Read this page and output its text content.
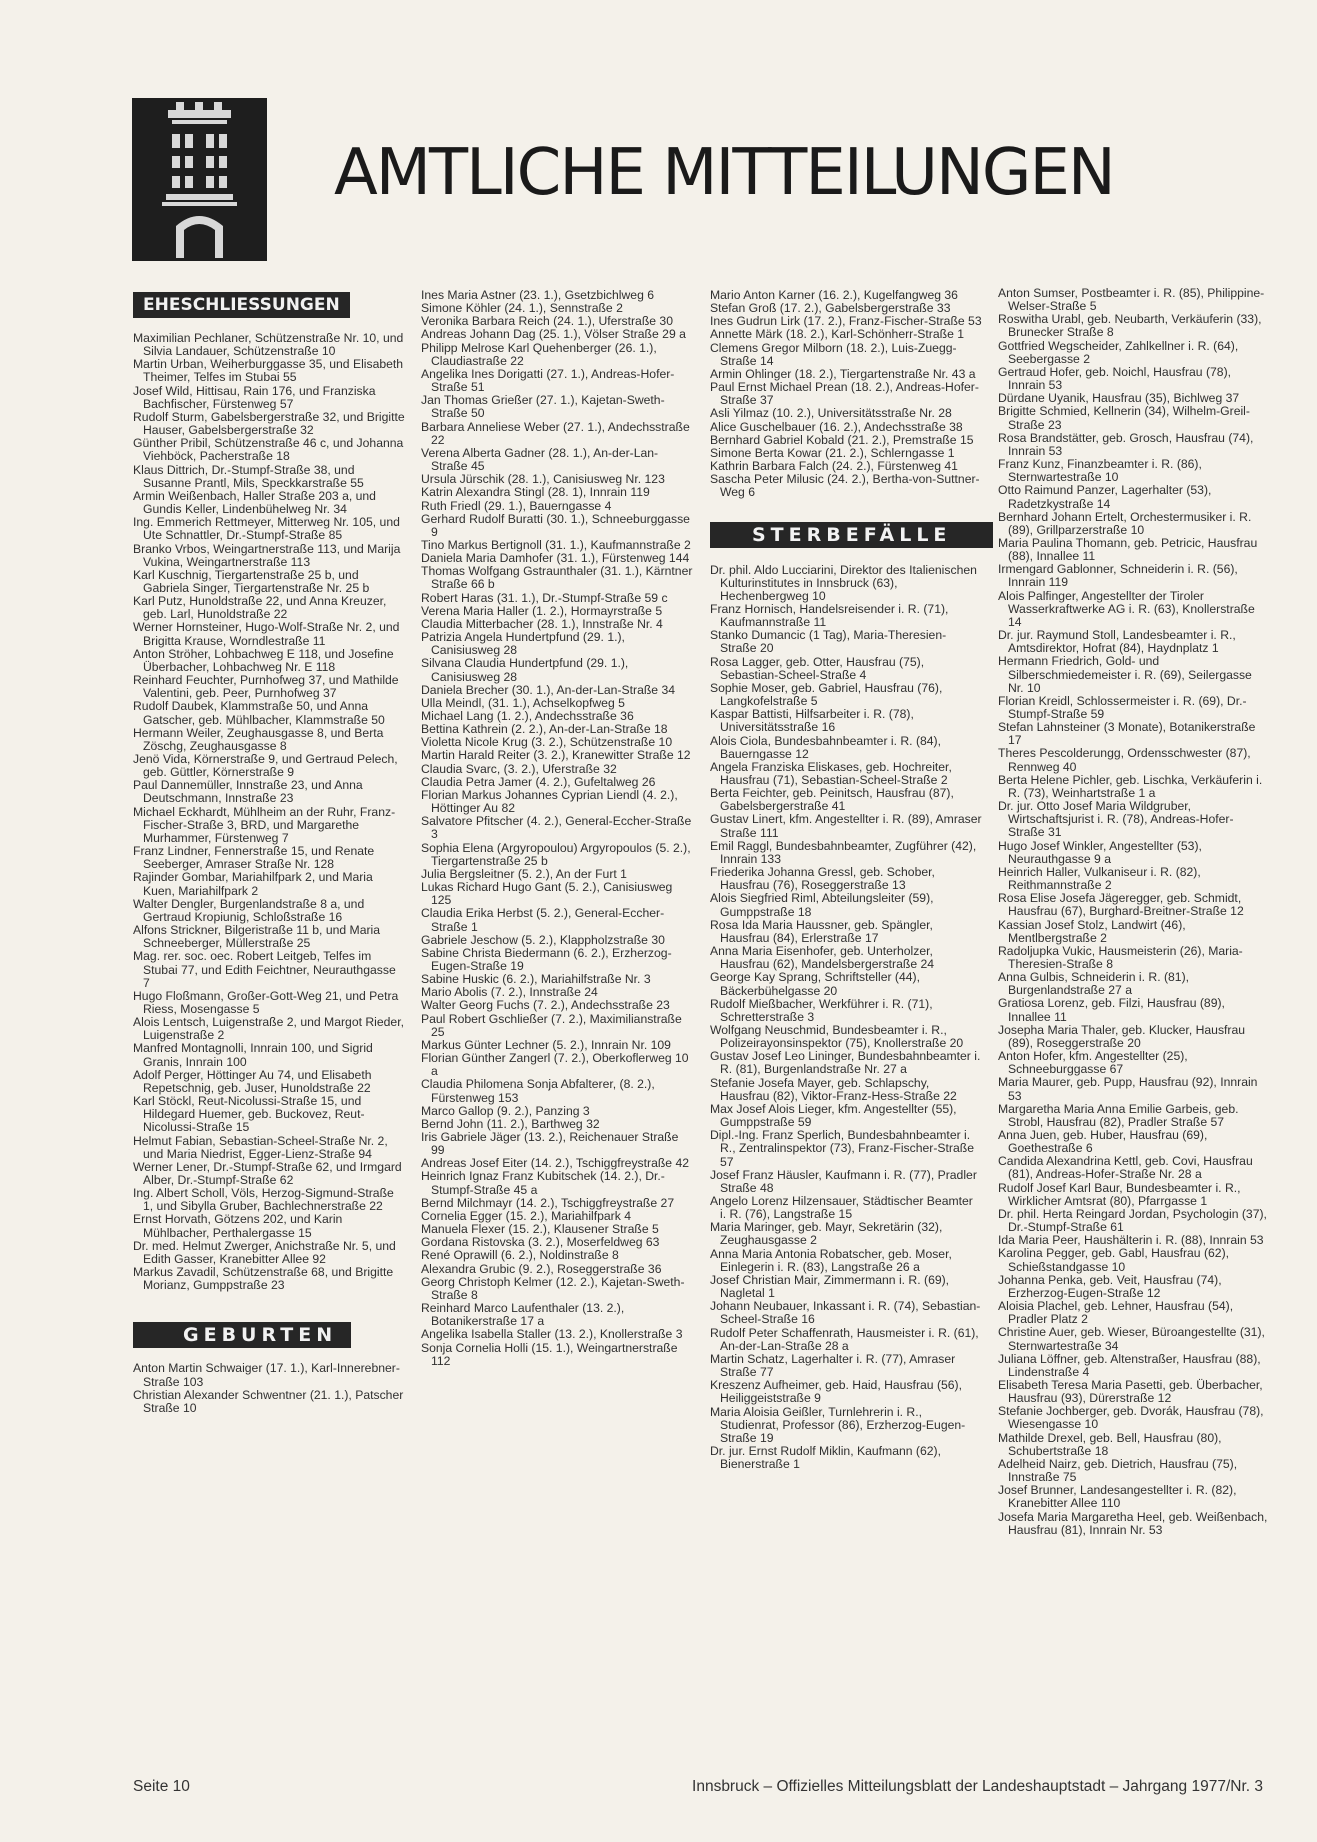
AMTLICHE MITTEILUNGEN
EHESCHLIESSUNGEN
Maximilian Pechlaner, Schützenstraße Nr. 10, und Silvia Landauer, Schützenstraße 10
Martin Urban, Weiherburggasse 35, und Elisabeth Theimer, Telfes im Stubai 55
Josef Wild, Hittisau, Rain 176, und Franziska Bachfischer, Fürstenweg 57
Rudolf Sturm, Gabelsbergerstraße 32, und Brigitte Hauser, Gabelsbergerstraße 32
Günther Pribil, Schützenstraße 46 c, und Johanna Viehböck, Pacherstraße 18
Klaus Dittrich, Dr.-Stumpf-Straße 38, und Susanne Prantl, Mils, Speckkarstraße 55
Armin Weißenbach, Haller Straße 203 a, und Gundis Keller, Lindenbühelweg Nr. 34
Ing. Emmerich Rettmeyer, Mitterweg Nr. 105, und Ute Schnattler, Dr.-Stumpf-Straße 85
Branko Vrbos, Weingartnerstraße 113, und Marija Vukina, Weingartnerstraße 113
Karl Kuschnig, Tiergartenstraße 25 b, und Gabriela Singer, Tiergartenstraße Nr. 25 b
Karl Putz, Hunoldstraße 22, und Anna Kreuzer, geb. Larl, Hunoldstraße 22
Werner Hornsteiner, Hugo-Wolf-Straße Nr. 2, und Brigitta Krause, Worndlestraße 11
Anton Ströher, Lohbachweg E 118, und Josefine Überbacher, Lohbachweg Nr. E 118
Reinhard Feuchter, Purnhofweg 37, und Mathilde Valentini, geb. Peer, Purnhofweg 37
Rudolf Daubek, Klammstraße 50, und Anna Gatscher, geb. Mühlbacher, Klammstraße 50
Hermann Weiler, Zeughausgasse 8, und Berta Zöschg, Zeughausgasse 8
Jenö Vida, Körnerstraße 9, und Gertraud Pelech, geb. Güttler, Körnerstraße 9
Paul Dannemüller, Innstraße 23, und Anna Deutschmann, Innstraße 23
Michael Eckhardt, Mühlheim an der Ruhr, Franz-Fischer-Straße 3, BRD, und Margarethe Murhammer, Fürstenweg 7
Franz Lindner, Fennerstraße 15, und Renate Seeberger, Amraser Straße Nr. 128
Rajinder Gombar, Mariahilfpark 2, und Maria Kuen, Mariahilfpark 2
Walter Dengler, Burgenlandstraße 8 a, und Gertraud Kropiunig, Schloßstraße 16
Alfons Strickner, Bilgeristraße 11 b, und Maria Schneeberger, Müllerstraße 25
Mag. rer. soc. oec. Robert Leitgeb, Telfes im Stubai 77, und Edith Feichtner, Neurauthgasse 7
Hugo Floßmann, Großer-Gott-Weg 21, und Petra Riess, Mosengasse 5
Alois Lentsch, Luigenstraße 2, und Margot Rieder, Luigenstraße 2
Manfred Montagnolli, Innrain 100, und Sigrid Granis, Innrain 100
Adolf Perger, Höttinger Au 74, und Elisabeth Repetschnig, geb. Juser, Hunoldstraße 22
Karl Stöckl, Reut-Nicolussi-Straße 15, und Hildegard Huemer, geb. Buckovez, Reut-Nicolussi-Straße 15
Helmut Fabian, Sebastian-Scheel-Straße Nr. 2, und Maria Niedrist, Egger-Lienz-Straße 94
Werner Lener, Dr.-Stumpf-Straße 62, und Irmgard Alber, Dr.-Stumpf-Straße 62
Ing. Albert Scholl, Völs, Herzog-Sigmund-Straße 1, und Sibylla Gruber, Bachlechnerstraße 22
Ernst Horvath, Götzens 202, und Karin Mühlbacher, Perthalergasse 15
Dr. med. Helmut Zwerger, Anichstraße Nr. 5, und Edith Gasser, Kranebitter Allee 92
Markus Zavadil, Schützenstraße 68, und Brigitte Morianz, Gumppstraße 23
GEBURTEN
Anton Martin Schwaiger (17. 1.), Karl-Innerebner-Straße 103
Christian Alexander Schwentner (21. 1.), Patscher Straße 10
Ines Maria Astner (23. 1.), Gsetzbichlweg 6
Simone Köhler (24. 1.), Sennstraße 2
Veronika Barbara Reich (24. 1.), Uferstraße 30
Andreas Johann Dag (25. 1.), Völser Straße 29 a
Philipp Melrose Karl Quehenberger (26. 1.), Claudiastraße 22
Angelika Ines Dorigatti (27. 1.), Andreas-Hofer-Straße 51
Jan Thomas Grießer (27. 1.), Kajetan-Sweth-Straße 50
Barbara Anneliese Weber (27. 1.), Andechsstraße 22
Verena Alberta Gadner (28. 1.), An-der-Lan-Straße 45
Ursula Jürschik (28. 1.), Canisiusweg Nr. 123
Katrin Alexandra Stingl (28. 1), Innrain 119
Ruth Friedl (29. 1.), Bauerngasse 4
Gerhard Rudolf Buratti (30. 1.), Schneeburggasse 9
Tino Markus Bertignoll (31. 1.), Kaufmannstraße 2
Daniela Maria Damhofer (31. 1.), Fürstenweg 144
Thomas Wolfgang Gstraunthaler (31. 1.), Kärntner Straße 66 b
Robert Haras (31. 1.), Dr.-Stumpf-Straße 59 c
Verena Maria Haller (1. 2.), Hormayrstraße 5
Claudia Mitterbacher (28. 1.), Innstraße Nr. 4
Patrizia Angela Hundertpfund (29. 1.), Canisiusweg 28
Silvana Claudia Hundertpfund (29. 1.), Canisiusweg 28
Daniela Brecher (30. 1.), An-der-Lan-Straße 34
Ulla Meindl, (31. 1.), Achselkopfweg 5
Michael Lang (1. 2.), Andechsstraße 36
Bettina Kathrein (2. 2.), An-der-Lan-Straße 18
Violetta Nicole Krug (3. 2.), Schützenstraße 10
Martin Harald Reiter (3. 2.), Kranewitter Straße 12
Claudia Svarc, (3. 2.), Uferstraße 32
Claudia Petra Jamer (4. 2.), Gufeltalweg 26
Florian Markus Johannes Cyprian Liendl (4. 2.), Höttinger Au 82
Salvatore Pfitscher (4. 2.), General-Eccher-Straße 3
Sophia Elena (Argyropoulou) Argyropoulos (5. 2.), Tiergartenstraße 25 b
Julia Bergsleitner (5. 2.), An der Furt 1
Lukas Richard Hugo Gant (5. 2.), Canisiusweg 125
Claudia Erika Herbst (5. 2.), General-Eccher-Straße 1
Gabriele Jeschow (5. 2.), Klappholzstraße 30
Sabine Christa Biedermann (6. 2.), Erzherzog-Eugen-Straße 19
Sabine Huskic (6. 2.), Mariahilfstraße Nr. 3
Mario Abolis (7. 2.), Innstraße 24
Walter Georg Fuchs (7. 2.), Andechsstraße 23
Paul Robert Gschließer (7. 2.), Maximilianstraße 25
Markus Günter Lechner (5. 2.), Innrain Nr. 109
Florian Günther Zangerl (7. 2.), Oberkoflerweg 10 a
Claudia Philomena Sonja Abfalterer, (8. 2.), Fürstenweg 153
Marco Gallop (9. 2.), Panzing 3
Bernd John (11. 2.), Barthweg 32
Iris Gabriele Jäger (13. 2.), Reichenauer Straße 99
Andreas Josef Eiter (14. 2.), Tschiggfreystraße 42
Heinrich Ignaz Franz Kubitschek (14. 2.), Dr.-Stumpf-Straße 45 a
Bernd Milchmayr (14. 2.), Tschiggfreystraße 27
Cornelia Egger (15. 2.), Mariahilfpark 4
Manuela Flexer (15. 2.), Klausener Straße 5
Gordana Ristovska (3. 2.), Moserfeldweg 63
René Oprawill (6. 2.), Noldinstraße 8
Alexandra Grubic (9. 2.), Roseggerstraße 36
Georg Christoph Kelmer (12. 2.), Kajetan-Sweth-Straße 8
Reinhard Marco Laufenthaler (13. 2.), Botanikerstraße 17 a
Angelika Isabella Staller (13. 2.), Knollerstraße 3
Sonja Cornelia Holli (15. 1.), Weingartnerstraße 112
Mario Anton Karner (16. 2.), Kugelfangweg 36
Stefan Groß (17. 2.), Gabelsbergerstraße 33
Ines Gudrun Lirk (17. 2.), Franz-Fischer-Straße 53
Annette Märk (18. 2.), Karl-Schönherr-Straße 1
Clemens Gregor Milborn (18. 2.), Luis-Zuegg-Straße 14
Armin Ohlinger (18. 2.), Tiergartenstraße Nr. 43 a
Paul Ernst Michael Prean (18. 2.), Andreas-Hofer-Straße 37
Asli Yilmaz (10. 2.), Universitätsstraße Nr. 28
Alice Guschelbauer (16. 2.), Andechsstraße 38
Bernhard Gabriel Kobald (21. 2.), Premstraße 15
Simone Berta Kowar (21. 2.), Schlerngasse 1
Kathrin Barbara Falch (24. 2.), Fürstenweg 41
Sascha Peter Milusic (24. 2.), Bertha-von-Suttner-Weg 6
STERBEFÄLLE
Dr. phil. Aldo Lucciarini, Direktor des Italienischen Kulturinstitutes in Innsbruck (63), Hechenbergweg 10
Franz Hornisch, Handelsreisender i. R. (71), Kaufmannstraße 11
Stanko Dumancic (1 Tag), Maria-Theresien-Straße 20
Rosa Lagger, geb. Otter, Hausfrau (75), Sebastian-Scheel-Straße 4
Sophie Moser, geb. Gabriel, Hausfrau (76), Langkofelstraße 5
Kaspar Battisti, Hilfsarbeiter i. R. (78), Universitätsstraße 16
Alois Ciola, Bundesbahnbeamter i. R. (84), Bauerngasse 12
Angela Franziska Eliskases, geb. Hochreiter, Hausfrau (71), Sebastian-Scheel-Straße 2
Berta Feichter, geb. Peinitsch, Hausfrau (87), Gabelsbergerstraße 41
Gustav Linert, kfm. Angestellter i. R. (89), Amraser Straße 111
Emil Raggl, Bundesbahnbeamter, Zugführer (42), Innrain 133
Friederika Johanna Gressl, geb. Schober, Hausfrau (76), Roseggerstraße 13
Alois Siegfried Riml, Abteilungsleiter (59), Gumppstraße 18
Rosa Ida Maria Haussner, geb. Spängler, Hausfrau (84), Erlerstraße 17
Anna Maria Eisenhofer, geb. Unterholzer, Hausfrau (62), Mandelsbergerstraße 24
George Kay Sprang, Schriftsteller (44), Bäckerbühelgasse 20
Rudolf Mießbacher, Werkführer i. R. (71), Schretterstraße 3
Wolfgang Neuschmid, Bundesbeamter i. R., Polizeirayonsinspektor (75), Knollerstraße 20
Gustav Josef Leo Lininger, Bundesbahnbeamter i. R. (81), Burgenlandstraße Nr. 27 a
Stefanie Josefa Mayer, geb. Schlapschy, Hausfrau (82), Viktor-Franz-Hess-Straße 22
Max Josef Alois Lieger, kfm. Angestellter (55), Gumppstraße 59
Dipl.-Ing. Franz Sperlich, Bundesbahnbeamter i. R., Zentralinspektor (73), Franz-Fischer-Straße 57
Josef Franz Häusler, Kaufmann i. R. (77), Pradler Straße 48
Angelo Lorenz Hilzensauer, Städtischer Beamter i. R. (76), Langstraße 15
Maria Maringer, geb. Mayr, Sekretärin (32), Zeughausgasse 2
Anna Maria Antonia Robatscher, geb. Moser, Einlegerin i. R. (83), Langstraße 26 a
Josef Christian Mair, Zimmermann i. R. (69), Nagletal 1
Johann Neubauer, Inkassant i. R. (74), Sebastian-Scheel-Straße 16
Rudolf Peter Schaffenrath, Hausmeister i. R. (61), An-der-Lan-Straße 28 a
Martin Schatz, Lagerhalter i. R. (77), Amraser Straße 77
Kreszenz Aufheimer, geb. Haid, Hausfrau (56), Heiliggeiststraße 9
Maria Aloisia Geißler, Turnlehrerin i. R., Studienrat, Professor (86), Erzherzog-Eugen-Straße 19
Dr. jur. Ernst Rudolf Miklin, Kaufmann (62), Bienerstraße 1
Anton Sumser, Postbeamter i. R. (85), Philippine-Welser-Straße 5
Roswitha Urabl, geb. Neubarth, Verkäuferin (33), Brunecker Straße 8
Gottfried Wegscheider, Zahlkellner i. R. (64), Seebergasse 2
Gertraud Hofer, geb. Noichl, Hausfrau (78), Innrain 53
Dürdane Uyanik, Hausfrau (35), Bichlweg 37
Brigitte Schmied, Kellnerin (34), Wilhelm-Greil-Straße 23
Rosa Brandstätter, geb. Grosch, Hausfrau (74), Innrain 53
Franz Kunz, Finanzbeamter i. R. (86), Sternwartestraße 10
Otto Raimund Panzer, Lagerhalter (53), Radetzkystraße 14
Bernhard Johann Ertelt, Orchestermusiker i. R. (89), Grillparzerstraße 10
Maria Paulina Thomann, geb. Petricic, Hausfrau (88), Innallee 11
Irmengard Gablonner, Schneiderin i. R. (56), Innrain 119
Alois Palfinger, Angestellter der Tiroler Wasserkraftwerke AG i. R. (63), Knollerstraße 14
Dr. jur. Raymund Stoll, Landesbeamter i. R., Amtsdirektor, Hofrat (84), Haydnplatz 1
Hermann Friedrich, Gold- und Silberschmiedemeister i. R. (69), Seilergasse Nr. 10
Florian Kreidl, Schlossermeister i. R. (69), Dr.-Stumpf-Straße 59
Stefan Lahnsteiner (3 Monate), Botanikerstraße 17
Theres Pescolderungg, Ordensschwester (87), Rennweg 40
Berta Helene Pichler, geb. Lischka, Verkäuferin i. R. (73), Weinhartstraße 1 a
Dr. jur. Otto Josef Maria Wildgruber, Wirtschaftsjurist i. R. (78), Andreas-Hofer-Straße 31
Hugo Josef Winkler, Angestellter (53), Neurauthgasse 9 a
Heinrich Haller, Vulkaniseur i. R. (82), Reithmannstraße 2
Rosa Elise Josefa Jägeregger, geb. Schmidt, Hausfrau (67), Burghard-Breitner-Straße 12
Kassian Josef Stolz, Landwirt (46), Mentlbergstraße 2
Radoljupka Vukic, Hausmeisterin (26), Maria-Theresien-Straße 8
Anna Gulbis, Schneiderin i. R. (81), Burgenlandstraße 27 a
Gratiosa Lorenz, geb. Filzi, Hausfrau (89), Innallee 11
Josepha Maria Thaler, geb. Klucker, Hausfrau (89), Roseggerstraße 20
Anton Hofer, kfm. Angestellter (25), Schneeburggasse 67
Maria Maurer, geb. Pupp, Hausfrau (92), Innrain 53
Margaretha Maria Anna Emilie Garbeis, geb. Strobl, Hausfrau (82), Pradler Straße 57
Anna Juen, geb. Huber, Hausfrau (69), Goethestraße 6
Candida Alexandrina Kettl, geb. Covi, Hausfrau (81), Andreas-Hofer-Straße Nr. 28 a
Rudolf Josef Karl Baur, Bundesbeamter i. R., Wirklicher Amtsrat (80), Pfarrgasse 1
Dr. phil. Herta Reingard Jordan, Psychologin (37), Dr.-Stumpf-Straße 61
Ida Maria Peer, Haushälterin i. R. (88), Innrain 53
Karolina Pegger, geb. Gabl, Hausfrau (62), Schießstandgasse 10
Johanna Penka, geb. Veit, Hausfrau (74), Erzherzog-Eugen-Straße 12
Aloisia Plachel, geb. Lehner, Hausfrau (54), Pradler Platz 2
Christine Auer, geb. Wieser, Büroangestellte (31), Sternwartestraße 34
Juliana Löffner, geb. Altenstraßer, Hausfrau (88), Lindenstraße 4
Elisabeth Teresa Maria Pasetti, geb. Überbacher, Hausfrau (93), Dürerstraße 12
Stefanie Jochberger, geb. Dvorák, Hausfrau (78), Wiesengasse 10
Mathilde Drexel, geb. Bell, Hausfrau (80), Schubertstraße 18
Adelheid Nairz, geb. Dietrich, Hausfrau (75), Innstraße 75
Josef Brunner, Landesangestellter i. R. (82), Kranebitter Allee 110
Josefa Maria Margaretha Heel, geb. Weißenbach, Hausfrau (81), Innrain Nr. 53
Seite 10	Innsbruck – Offizielles Mitteilungsblatt der Landeshauptstadt – Jahrgang 1977/Nr. 3
